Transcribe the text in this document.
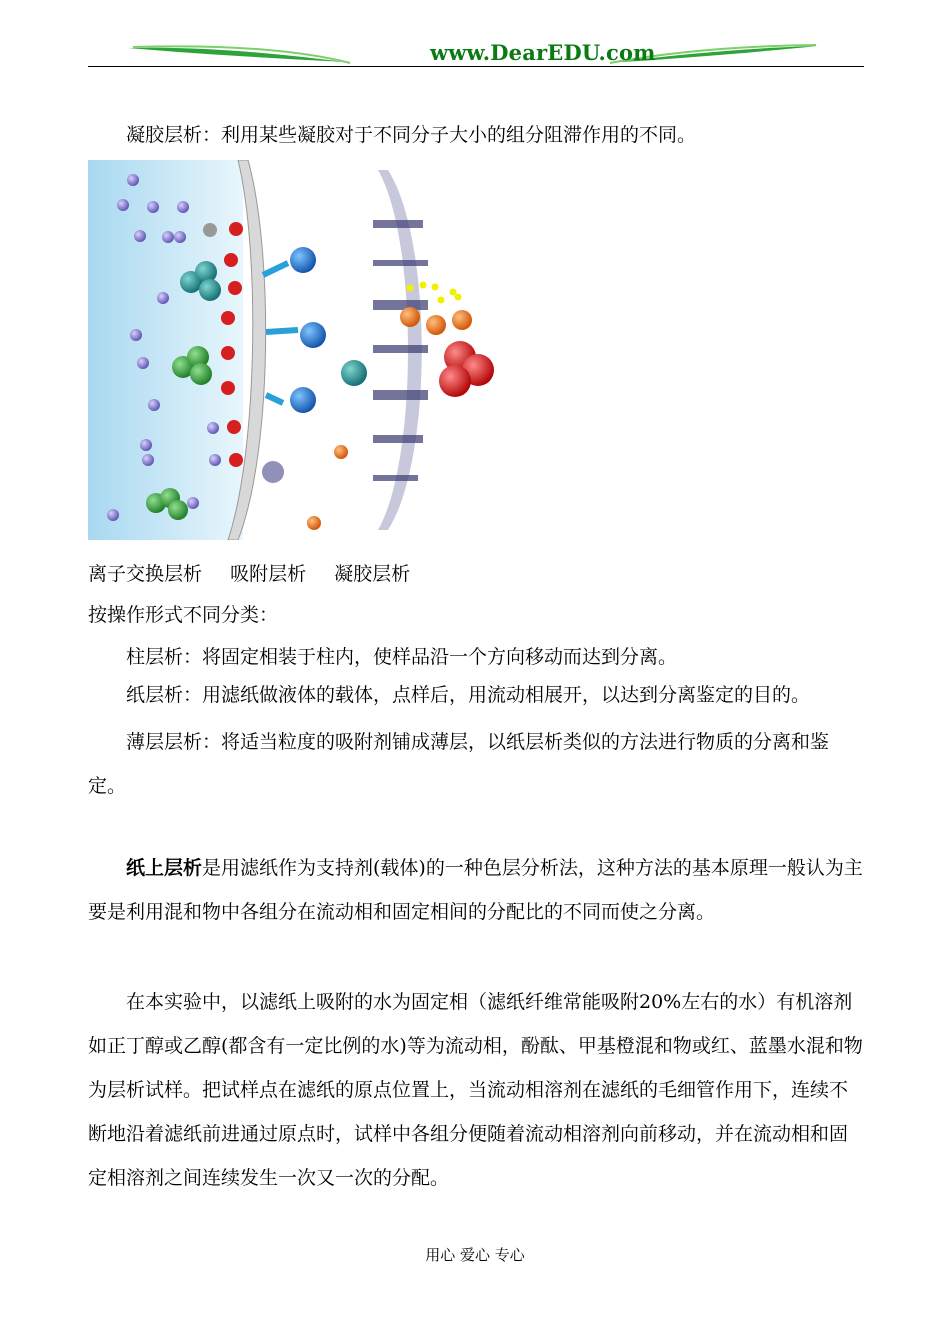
www.DearEDU.com
凝胶层析：利用某些凝胶对于不同分子大小的组分阻滞作用的不同。
离子交换层析 吸附层析 凝胶层析
按操作形式不同分类：
柱层析：将固定相装于柱内，使样品沿一个方向移动而达到分离。
纸层析：用滤纸做液体的载体，点样后，用流动相展开，以达到分离鉴定的目的。
薄层层析：将适当粒度的吸附剂铺成薄层，以纸层析类似的方法进行物质的分离和鉴定。
纸上层析是用滤纸作为支持剂(载体)的一种色层分析法，这种方法的基本原理一般认为主要是利用混和物中各组分在流动相和固定相间的分配比的不同而使之分离。
在本实验中，以滤纸上吸附的水为固定相（滤纸纤维常能吸附20%左右的水）有机溶剂如正丁醇或乙醇(都含有一定比例的水)等为流动相，酚酞、甲基橙混和物或红、蓝墨水混和物为层析试样。把试样点在滤纸的原点位置上，当流动相溶剂在滤纸的毛细管作用下，连续不断地沿着滤纸前进通过原点时，试样中各组分便随着流动相溶剂向前移动，并在流动相和固定相溶剂之间连续发生一次又一次的分配。
用心 爱心 专心
